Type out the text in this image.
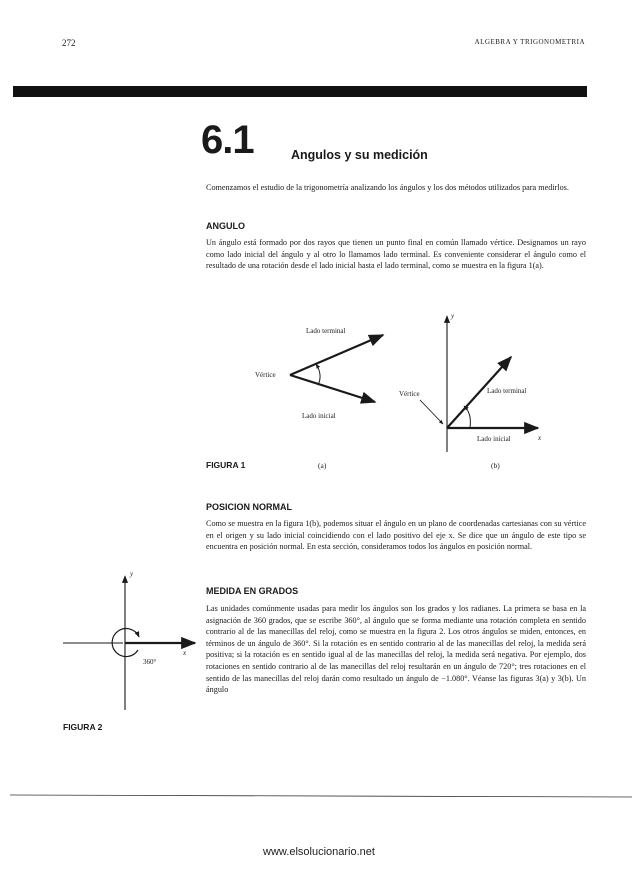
272	ALGEBRA Y TRIGONOMETRIA
6.1	Angulos y su medición
Comenzamos el estudio de la trigonometría analizando los ángulos y los dos métodos utilizados para medirlos.
ANGULO
Un ángulo está formado por dos rayos que tienen un punto final en común llamado vértice. Designamos un rayo como lado inicial del ángulo y al otro lo llamamos lado terminal. Es conveniente considerar el ángulo como el resultado de una rotación desde el lado inicial hasta el lado terminal, como se muestra en la figura 1(a).
Lado terminal
Vértice
Lado inicial
y
x
Vértice	Lado terminal
Lado inicial
(a)	(b)
y
x
360°
FIGURA 1
POSICION NORMAL
Como se muestra en la figura 1(b), podemos situar el ángulo en un plano de coordenadas cartesianas con su vértice en el origen y su lado inicial coincidiendo con el lado positivo del eje x. Se dice que un ángulo de este tipo se encuentra en posición normal. En esta sección, consideramos todos los ángulos en posición normal.
MEDIDA EN GRADOS
Las unidades comúnmente usadas para medir los ángulos son los grados y los radianes. La primera se basa en la asignación de 360 grados, que se escribe 360°, al ángulo que se forma mediante una rotación completa en sentido contrario al de las manecillas del reloj, como se muestra en la figura 2. Los otros ángulos se miden, entonces, en términos de un ángulo de 360°. Si la rotación es en sentido contrario al de las manecillas del reloj, la medida será positiva; si la rotación es en sentido igual al de las manecillas del reloj, la medida será negativa. Por ejemplo, dos rotaciones en sentido contrario al de las manecillas del reloj resultarán en un ángulo de 720°; tres rotaciones en el sentido de las manecillas del reloj darán como resultado un ángulo de −1.080°. Véanse las figuras 3(a) y 3(b). Un ángulo
FIGURA 2
www.elsolucionario.net
